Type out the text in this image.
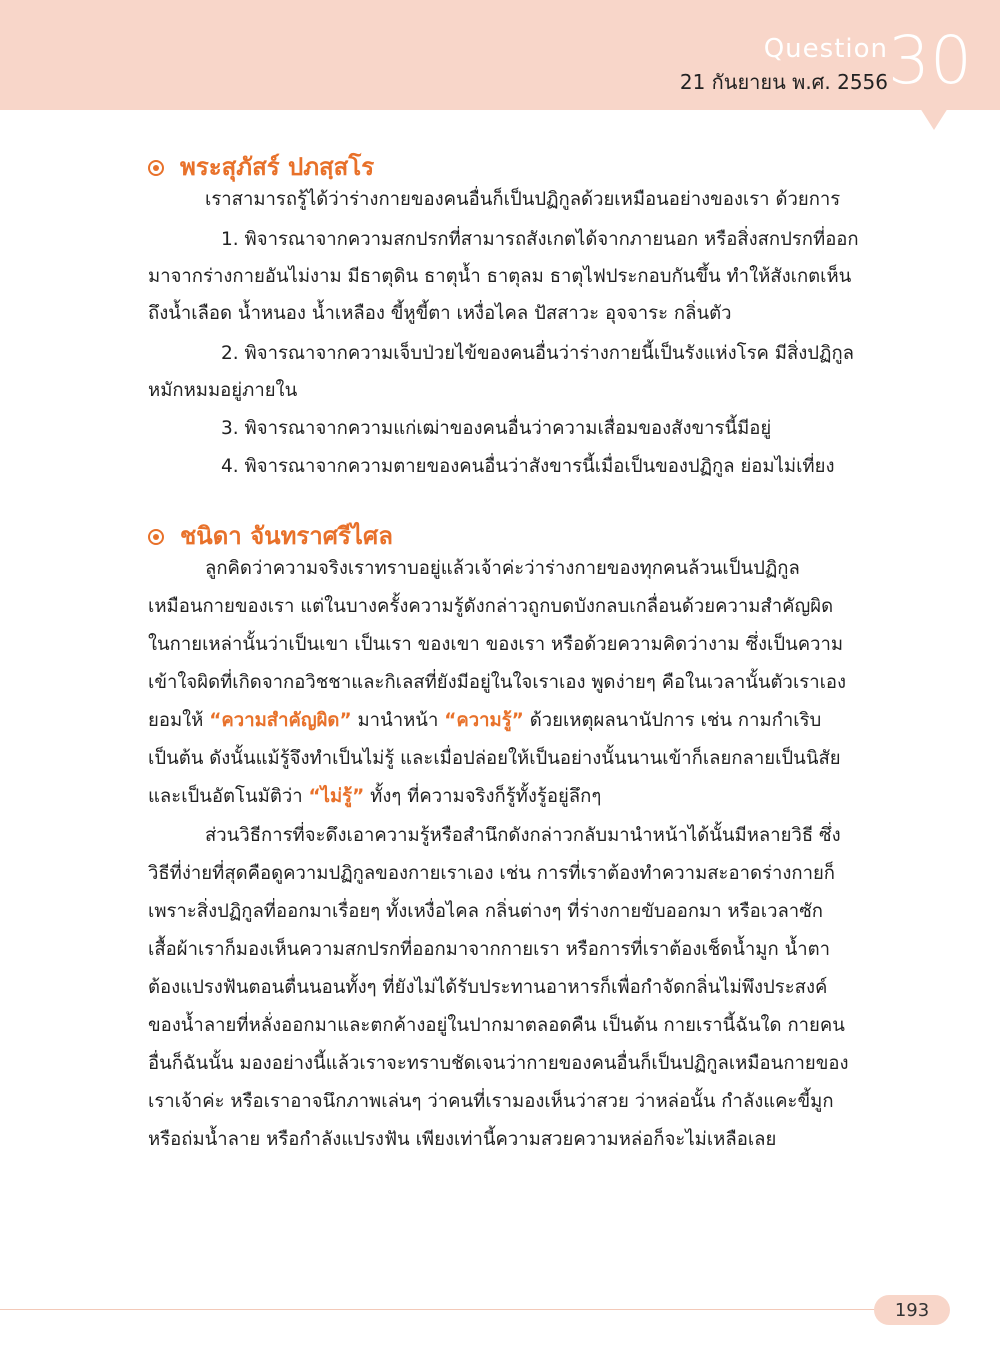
Question
21 กันยายน พ.ศ. 2556 30
พระสุภัสร์ ปภสฺสโร
เราสามารถรู้ได้ว่าร่างกายของคนอื่นก็เป็นปฏิกูลด้วยเหมือนอย่างของเรา ด้วยการ
1. พิจารณาจากความสกปรกที่สามารถสังเกตได้จากภายนอก หรือสิ่งสกปรกที่ออก
มาจากร่างกายอันไม่งาม มีธาตุดิน ธาตุน้ำ ธาตุลม ธาตุไฟประกอบกันขึ้น ทำให้สังเกตเห็น
ถึงน้ำเลือด น้ำหนอง น้ำเหลือง ขี้หูขี้ตา เหงื่อไคล ปัสสาวะ อุจจาระ กลิ่นตัว
2. พิจารณาจากความเจ็บป่วยไข้ของคนอื่นว่าร่างกายนี้เป็นรังแห่งโรค มีสิ่งปฏิกูล
หมักหมมอยู่ภายใน
3. พิจารณาจากความแก่เฒ่าของคนอื่นว่าความเสื่อมของสังขารนี้มีอยู่
4. พิจารณาจากความตายของคนอื่นว่าสังขารนี้เมื่อเป็นของปฏิกูล ย่อมไม่เที่ยง
ชนิดา จันทราศรีไศล
ลูกคิดว่าความจริงเราทราบอยู่แล้วเจ้าค่ะว่าร่างกายของทุกคนล้วนเป็นปฏิกูล
เหมือนกายของเรา แต่ในบางครั้งความรู้ดังกล่าวถูกบดบังกลบเกลื่อนด้วยความสำคัญผิด
ในกายเหล่านั้นว่าเป็นเขา เป็นเรา ของเขา ของเรา หรือด้วยความคิดว่างาม ซึ่งเป็นความ
เข้าใจผิดที่เกิดจากอวิชชาและกิเลสที่ยังมีอยู่ในใจเราเอง พูดง่ายๆ คือในเวลานั้นตัวเราเอง
ยอมให้ “ความสำคัญผิด” มานำหน้า “ความรู้” ด้วยเหตุผลนานัปการ เช่น กามกำเริบ
เป็นต้น ดังนั้นแม้รู้จึงทำเป็นไม่รู้ และเมื่อปล่อยให้เป็นอย่างนั้นนานเข้าก็เลยกลายเป็นนิสัย
และเป็นอัตโนมัติว่า “ไม่รู้” ทั้งๆ ที่ความจริงก็รู้ทั้งรู้อยู่ลึกๆ
ส่วนวิธีการที่จะดึงเอาความรู้หรือสำนึกดังกล่าวกลับมานำหน้าได้นั้นมีหลายวิธี ซึ่ง
วิธีที่ง่ายที่สุดคือดูความปฏิกูลของกายเราเอง เช่น การที่เราต้องทำความสะอาดร่างกายก็
เพราะสิ่งปฏิกูลที่ออกมาเรื่อยๆ ทั้งเหงื่อไคล กลิ่นต่างๆ ที่ร่างกายขับออกมา หรือเวลาซัก
เสื้อผ้าเราก็มองเห็นความสกปรกที่ออกมาจากกายเรา หรือการที่เราต้องเช็ดน้ำมูก น้ำตา
ต้องแปรงฟันตอนตื่นนอนทั้งๆ ที่ยังไม่ได้รับประทานอาหารก็เพื่อกำจัดกลิ่นไม่พึงประสงค์
ของน้ำลายที่หลั่งออกมาและตกค้างอยู่ในปากมาตลอดคืน เป็นต้น กายเรานี้ฉันใด กายคน
อื่นก็ฉันนั้น มองอย่างนี้แล้วเราจะทราบชัดเจนว่ากายของคนอื่นก็เป็นปฏิกูลเหมือนกายของ
เราเจ้าค่ะ หรือเราอาจนึกภาพเล่นๆ ว่าคนที่เรามองเห็นว่าสวย ว่าหล่อนั้น กำลังแคะขี้มูก
หรือถ่มน้ำลาย หรือกำลังแปรงฟัน เพียงเท่านี้ความสวยความหล่อก็จะไม่เหลือเลย
193
